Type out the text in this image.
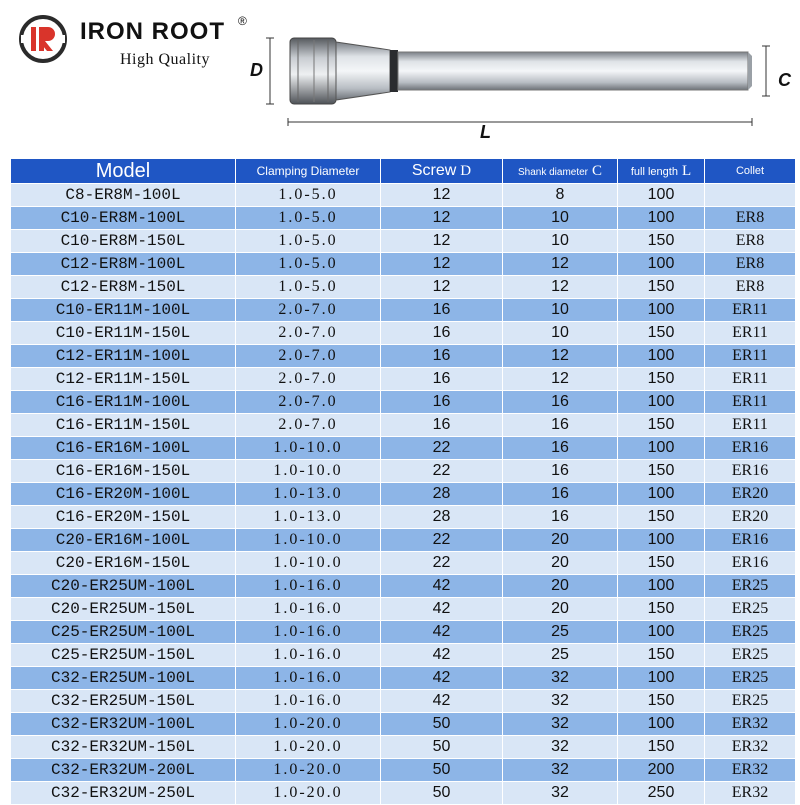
IRON ROOT ®
High Quality
D	C
L
Model	Clamping Diameter	Screw D	Shank diameter C	full length L	Collet
C8-ER8M-100L	1.0-5.0	12	8	100	
C10-ER8M-100L	1.0-5.0	12	10	100	ER8
C10-ER8M-150L	1.0-5.0	12	10	150	ER8
C12-ER8M-100L	1.0-5.0	12	12	100	ER8
C12-ER8M-150L	1.0-5.0	12	12	150	ER8
C10-ER11M-100L	2.0-7.0	16	10	100	ER11
C10-ER11M-150L	2.0-7.0	16	10	150	ER11
C12-ER11M-100L	2.0-7.0	16	12	100	ER11
C12-ER11M-150L	2.0-7.0	16	12	150	ER11
C16-ER11M-100L	2.0-7.0	16	16	100	ER11
C16-ER11M-150L	2.0-7.0	16	16	150	ER11
C16-ER16M-100L	1.0-10.0	22	16	100	ER16
C16-ER16M-150L	1.0-10.0	22	16	150	ER16
C16-ER20M-100L	1.0-13.0	28	16	100	ER20
C16-ER20M-150L	1.0-13.0	28	16	150	ER20
C20-ER16M-100L	1.0-10.0	22	20	100	ER16
C20-ER16M-150L	1.0-10.0	22	20	150	ER16
C20-ER25UM-100L	1.0-16.0	42	20	100	ER25
C20-ER25UM-150L	1.0-16.0	42	20	150	ER25
C25-ER25UM-100L	1.0-16.0	42	25	100	ER25
C25-ER25UM-150L	1.0-16.0	42	25	150	ER25
C32-ER25UM-100L	1.0-16.0	42	32	100	ER25
C32-ER25UM-150L	1.0-16.0	42	32	150	ER25
C32-ER32UM-100L	1.0-20.0	50	32	100	ER32
C32-ER32UM-150L	1.0-20.0	50	32	150	ER32
C32-ER32UM-200L	1.0-20.0	50	32	200	ER32
C32-ER32UM-250L	1.0-20.0	50	32	250	ER32
